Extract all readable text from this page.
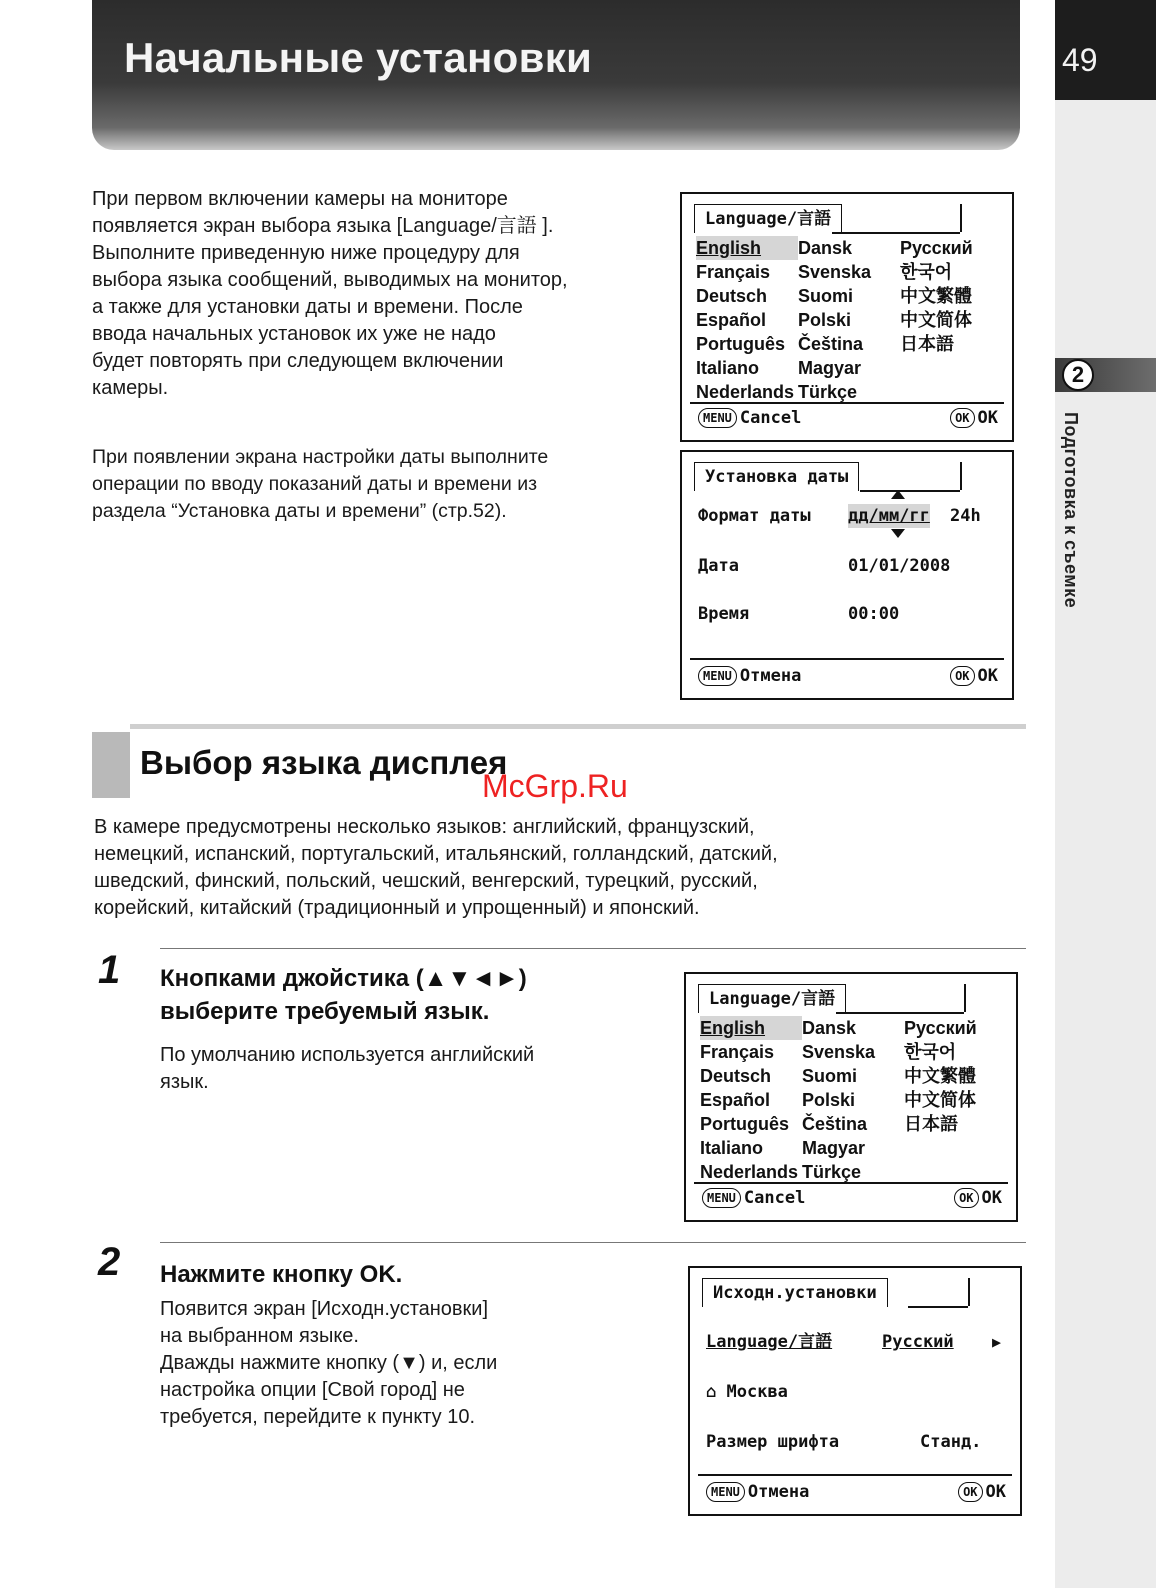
Начальные установки	49
2
Подготовка к съемке

При первом включении камеры на мониторе
появляется экран выбора языка [Language/言語 ].
Выполните приведенную ниже процедуру для
выбора языка сообщений, выводимых на монитор,
а также для установки даты и времени. После
ввода начальных установок их уже не надо
будет повторять при следующем включении
камеры.

При появлении экрана настройки даты выполните
операции по вводу показаний даты и времени из
раздела “Установка даты и времени” (стр.52).

Language/言語
English	Dansk	Русский
Français	Svenska	한국어
Deutsch	Suomi	中文繁體
Español	Polski	中文简体
Português Čeština	日本語
Italiano	Magyar
Nederlands Türkçe
MENU Cancel	OK OK
Установка даты
Формат даты дд/мм/гг 24h
Дата	01/01/2008
Время	00:00
MENU Отмена	OK OK
Выбор языка дисплея
McGrp.Ru

В камере предусмотрены несколько языков: английский, французский,
немецкий, испанский, португальский, итальянский, голландский, датский,
шведский, финский, польский, чешский, венгерский, турецкий, русский,
корейский, китайский (традиционный и упрощенный) и японский.

1 Кнопками джойстика (▲▼◄►)
выберите требуемый язык.

По умолчанию используется английский
язык.

Language/言語
English	Dansk	Русский
Français	Svenska	한국어
Deutsch	Suomi	中文繁體
Español	Polski	中文简体
Português Čeština	日本語
Italiano	Magyar
Nederlands Türkçe
MENU Cancel	OK OK
2 Нажмите кнопку OK.

Появится экран [Исходн.установки]
на выбранном языке.
Дважды нажмите кнопку (▼) и, если
настройка опции [Свой город] не
требуется, перейдите к пункту 10.

Исходн.установки
Language/言語	Русский	▶
⌂ Москва
Размер шрифта	Станд.
MENU Отмена	OK OK
